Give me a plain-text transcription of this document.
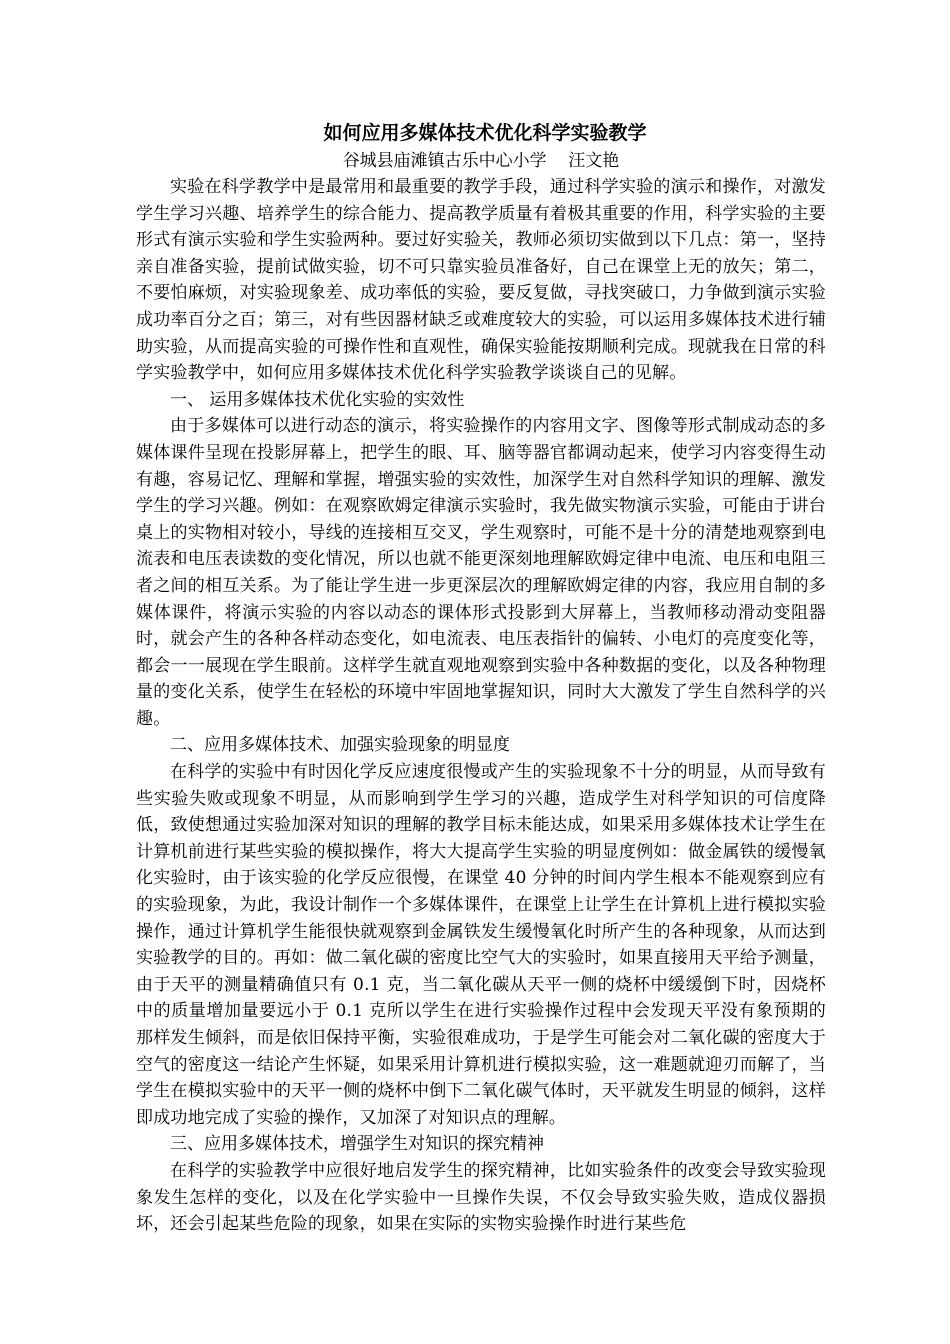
如何应用多媒体技术优化科学实验教学

谷城县庙滩镇古乐中心小学    汪文艳

实验在科学教学中是最常用和最重要的教学手段，通过科学实验的演示和操作，对激发学生学习兴趣、培养学生的综合能力、提高教学质量有着极其重要的作用，科学实验的主要形式有演示实验和学生实验两种。要过好实验关，教师必须切实做到以下几点：第一，坚持亲自准备实验，提前试做实验，切不可只靠实验员准备好，自己在课堂上无的放矢；第二，不要怕麻烦，对实验现象差、成功率低的实验，要反复做，寻找突破口，力争做到演示实验成功率百分之百；第三，对有些因器材缺乏或难度较大的实验，可以运用多媒体技术进行辅助实验，从而提高实验的可操作性和直观性，确保实验能按期顺利完成。现就我在日常的科学实验教学中，如何应用多媒体技术优化科学实验教学谈谈自己的见解。

一、 运用多媒体技术优化实验的实效性

由于多媒体可以进行动态的演示，将实验操作的内容用文字、图像等形式制成动态的多媒体课件呈现在投影屏幕上，把学生的眼、耳、脑等器官都调动起来，使学习内容变得生动有趣，容易记忆、理解和掌握，增强实验的实效性，加深学生对自然科学知识的理解、激发学生的学习兴趣。例如：在观察欧姆定律演示实验时，我先做实物演示实验，可能由于讲台桌上的实物相对较小，导线的连接相互交叉，学生观察时，可能不是十分的清楚地观察到电流表和电压表读数的变化情况，所以也就不能更深刻地理解欧姆定律中电流、电压和电阻三者之间的相互关系。为了能让学生进一步更深层次的理解欧姆定律的内容，我应用自制的多媒体课件，将演示实验的内容以动态的课体形式投影到大屏幕上，当教师移动滑动变阻器时，就会产生的各种各样动态变化，如电流表、电压表指针的偏转、小电灯的亮度变化等，都会一一展现在学生眼前。这样学生就直观地观察到实验中各种数据的变化，以及各种物理量的变化关系，使学生在轻松的环境中牢固地掌握知识，同时大大激发了学生自然科学的兴趣。

二、应用多媒体技术、加强实验现象的明显度

在科学的实验中有时因化学反应速度很慢或产生的实验现象不十分的明显，从而导致有些实验失败或现象不明显，从而影响到学生学习的兴趣，造成学生对科学知识的可信度降低，致使想通过实验加深对知识的理解的教学目标未能达成，如果采用多媒体技术让学生在计算机前进行某些实验的模拟操作，将大大提高学生实验的明显度例如：做金属铁的缓慢氧化实验时，由于该实验的化学反应很慢，在课堂 40 分钟的时间内学生根本不能观察到应有的实验现象，为此，我设计制作一个多媒体课件，在课堂上让学生在计算机上进行模拟实验操作，通过计算机学生能很快就观察到金属铁发生缓慢氧化时所产生的各种现象，从而达到实验教学的目的。再如：做二氧化碳的密度比空气大的实验时，如果直接用天平给予测量，由于天平的测量精确值只有 0.1 克，当二氧化碳从天平一侧的烧杯中缓缓倒下时，因烧杯中的质量增加量要远小于 0.1 克所以学生在进行实验操作过程中会发现天平没有象预期的那样发生倾斜，而是依旧保持平衡，实验很难成功，于是学生可能会对二氧化碳的密度大于空气的密度这一结论产生怀疑，如果采用计算机进行模拟实验，这一难题就迎刃而解了，当学生在模拟实验中的天平一侧的烧杯中倒下二氧化碳气体时，天平就发生明显的倾斜，这样即成功地完成了实验的操作，又加深了对知识点的理解。

三、应用多媒体技术，增强学生对知识的探究精神

在科学的实验教学中应很好地启发学生的探究精神，比如实验条件的改变会导致实验现象发生怎样的变化，以及在化学实验中一旦操作失误，不仅会导致实验失败，造成仪器损坏，还会引起某些危险的现象，如果在实际的实物实验操作时进行某些危
